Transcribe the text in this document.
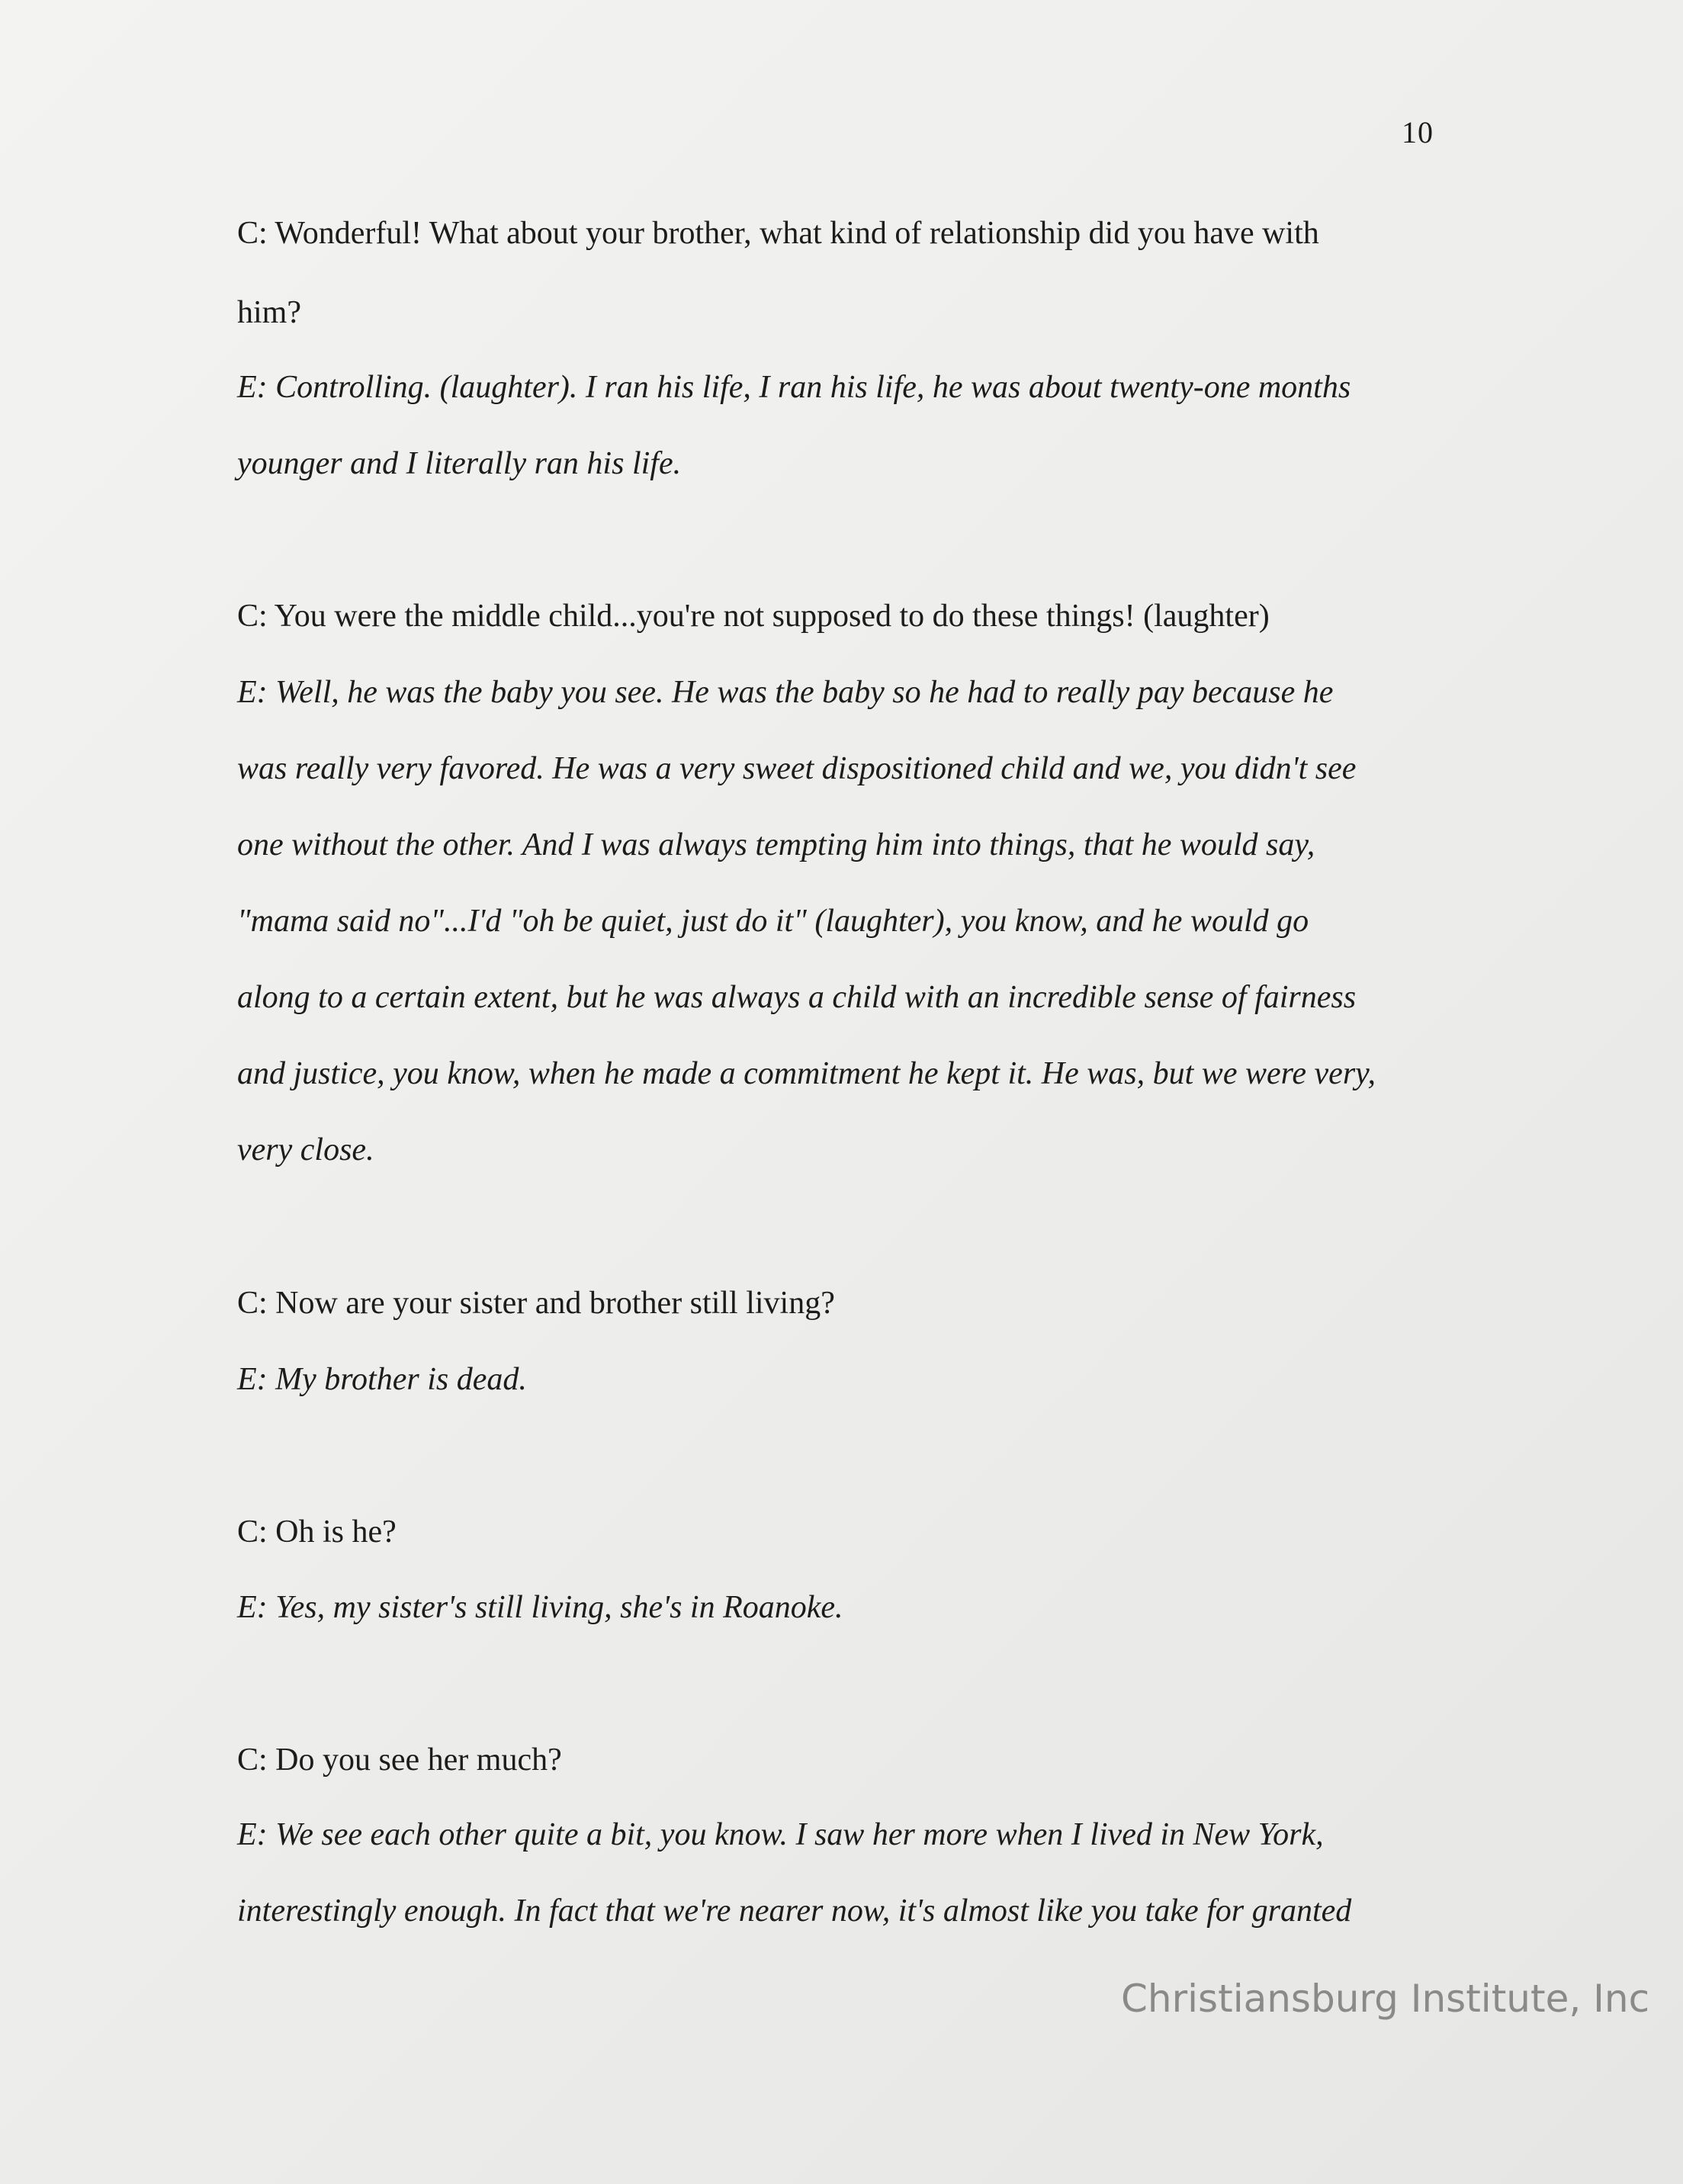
10
C: Wonderful! What about your brother, what kind of relationship did you have with
him?
E: Controlling. (laughter). I ran his life, I ran his life, he was about twenty-one months
younger and I literally ran his life.
C: You were the middle child...you're not supposed to do these things! (laughter)
E: Well, he was the baby you see. He was the baby so he had to really pay because he
was really very favored. He was a very sweet dispositioned child and we, you didn't see
one without the other. And I was always tempting him into things, that he would say,
"mama said no"...I'd "oh be quiet, just do it" (laughter), you know, and he would go
along to a certain extent, but he was always a child with an incredible sense of fairness
and justice, you know, when he made a commitment he kept it. He was, but we were very,
very close.
C: Now are your sister and brother still living?
E: My brother is dead.
C: Oh is he?
E: Yes, my sister's still living, she's in Roanoke.
C: Do you see her much?
E: We see each other quite a bit, you know. I saw her more when I lived in New York,
interestingly enough. In fact that we're nearer now, it's almost like you take for granted
Christiansburg Institute, Inc
